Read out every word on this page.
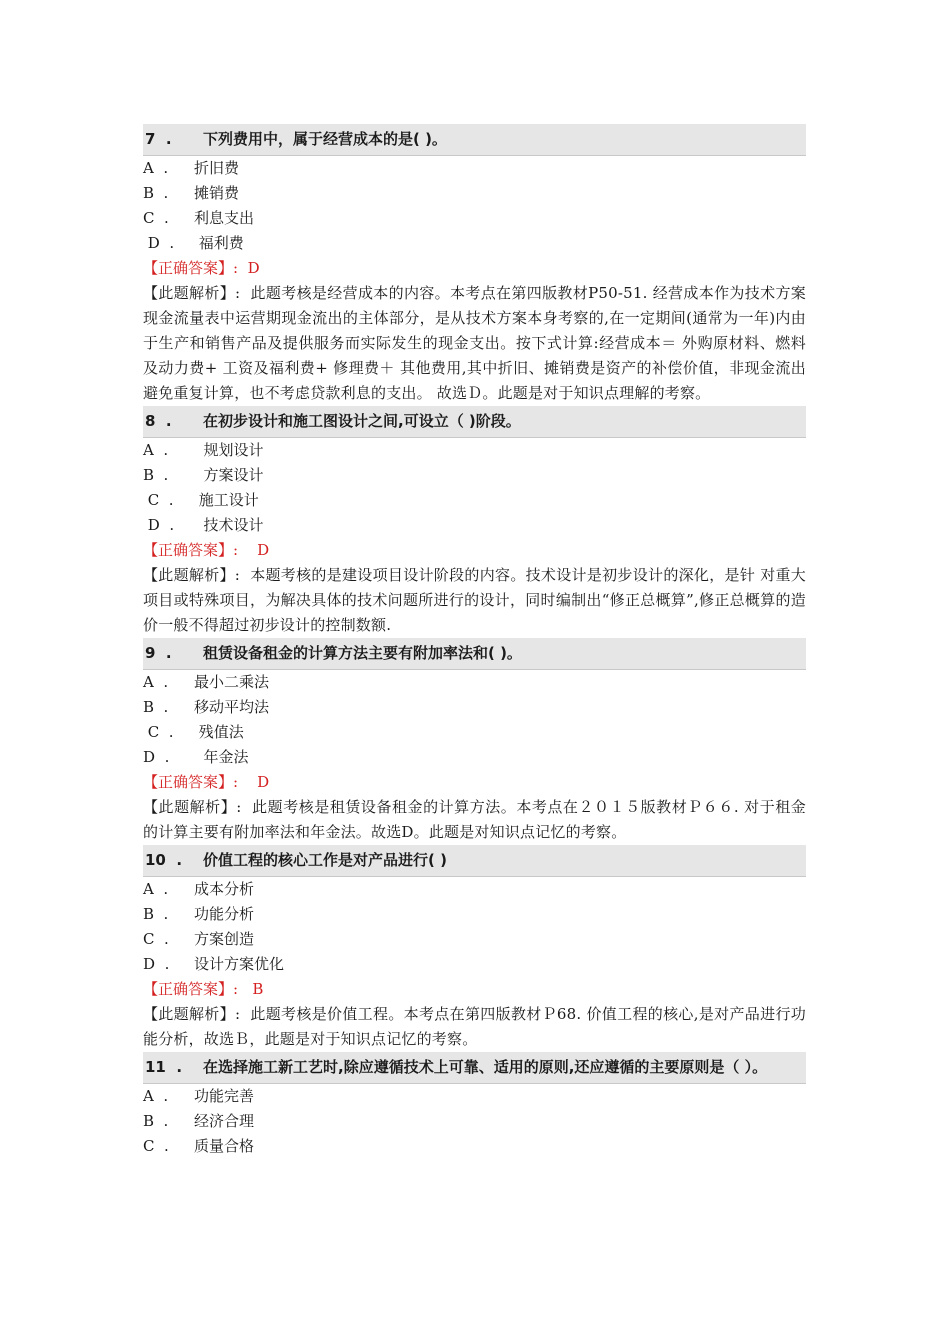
7  .	下列费用中，属于经营成本的是( )。
A  .	折旧费
B  .	摊销费
C  .	利息支出
D  .	福利费
【正确答案】: D
【此题解析】: 此题考核是经营成本的内容。本考点在第四版教材P50-51. 经营成本作为技术方案现金流量表中运营期现金流出的主体部分，是从技术方案本身考察的,在一定期间(通常为一年)内由于生产和销售产品及提供服务而实际发生的现金支出。按下式计算:经营成本＝ 外购原材料、燃料及动力费+ 工资及福利费+ 修理费＋ 其他费用,其中折旧、摊销费是资产的补偿价值，非现金流出避免重复计算，也不考虑贷款利息的支出。 故选Ｄ。此题是对于知识点理解的考察。
8  .	在初步设计和施工图设计之间,可设立（ )阶段。
A  .	规划设计
B  .	方案设计
C  .	施工设计
D  .	技术设计
【正确答案】:    D
【此题解析】: 本题考核的是建设项目设计阶段的内容。技术设计是初步设计的深化，是针 对重大项目或特殊项目，为解决具体的技术问题所进行的设计，同时编制出“修正总概算”,修正总概算的造价一般不得超过初步设计的控制数额.
9  .	租赁设备租金的计算方法主要有附加率法和( )。
A  .	最小二乘法
B  .	移动平均法
C  .	残值法
D  .	年金法
【正确答案】:    D
【此题解析】: 此题考核是租赁设备租金的计算方法。本考点在２０１５版教材Ｐ６６. 对于租金的计算主要有附加率法和年金法。故选D。此题是对知识点记忆的考察。
10  .	价值工程的核心工作是对产品进行( )
A  .	成本分析
B  .	功能分析
C  .	方案创造
D  .	设计方案优化
【正确答案】:   B
【此题解析】: 此题考核是价值工程。本考点在第四版教材Ｐ68. 价值工程的核心,是对产品进行功能分析，故选Ｂ，此题是对于知识点记忆的考察。
11  .	在选择施工新工艺时,除应遵循技术上可靠、适用的原则,还应遵循的主要原则是（ ）。
A  .	功能完善
B  .	经济合理
C  .	质量合格
